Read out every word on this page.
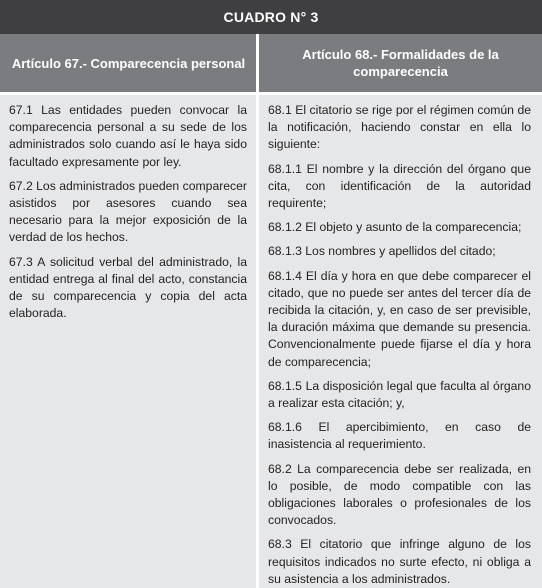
CUADRO N° 3
Artículo 67.- Comparecencia personal
Artículo 68.- Formalidades de la comparecencia

67.1 Las entidades pueden convocar la comparecencia personal a su sede de los administrados solo cuando así le haya sido facultado expresamente por ley.

67.2 Los administrados pueden comparecer asistidos por asesores cuando sea necesario para la mejor exposición de la verdad de los hechos.

67.3 A solicitud verbal del administrado, la entidad entrega al final del acto, constancia de su comparecencia y copia del acta elaborada.

68.1 El citatorio se rige por el régimen común de la notificación, haciendo constar en ella lo siguiente:

68.1.1 El nombre y la dirección del órgano que cita, con identificación de la autoridad requirente;

68.1.2 El objeto y asunto de la comparecencia;

68.1.3 Los nombres y apellidos del citado;

68.1.4 El día y hora en que debe comparecer el citado, que no puede ser antes del tercer día de recibida la citación, y, en caso de ser previsible, la duración máxima que demande su presencia. Convencionalmente puede fijarse el día y hora de comparecencia;

68.1.5 La disposición legal que faculta al órgano a realizar esta citación; y,

68.1.6 El apercibimiento, en caso de inasistencia al requerimiento.

68.2 La comparecencia debe ser realizada, en lo posible, de modo compatible con las obligaciones laborales o profesionales de los convocados.

68.3 El citatorio que infringe alguno de los requisitos indicados no surte efecto, ni obliga a su asistencia a los administrados.
